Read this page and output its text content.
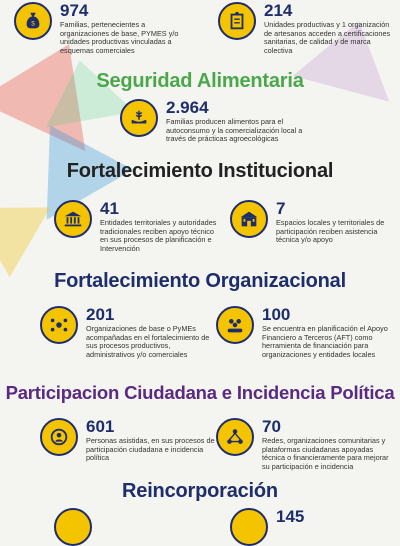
$
974
Familias, pertenecientes a organizaciones de base, PYMES y/o unidades productivas vinculadas a esquemas comerciales
214
Unidades productivas y 1 organización de artesanos acceden a certificaciones sanitarias, de calidad y de marca colectiva
Seguridad Alimentaria
2.964
Familias producen alimentos para el autoconsumo y la comercialización local a través de prácticas agroecológicas
Fortalecimiento Institucional
41
Entidades territoriales y autoridades tradicionales reciben apoyo técnico en sus procesos de planificación e Intervención
7
Espacios locales y territoriales de participación reciben asistencia técnica y/o apoyo
Fortalecimiento Organizacional
201
Organizaciones de base o PyMEs acompañadas en el fortalecimiento de sus procesos productivos, administrativos y/o comerciales
100
Se encuentra en planificación el Apoyo Financiero a Terceros (AFT) como herramienta de financiación para organizaciones y entidades locales
Participacion Ciudadana e Incidencia Política
601
Personas asistidas, en sus procesos de participación ciudadana e incidencia política
70
Redes, organizaciones comunitarias y plataformas ciudadanas apoyadas técnica o financieramente para mejorar su participación e incidencia
Reincorporación
145
